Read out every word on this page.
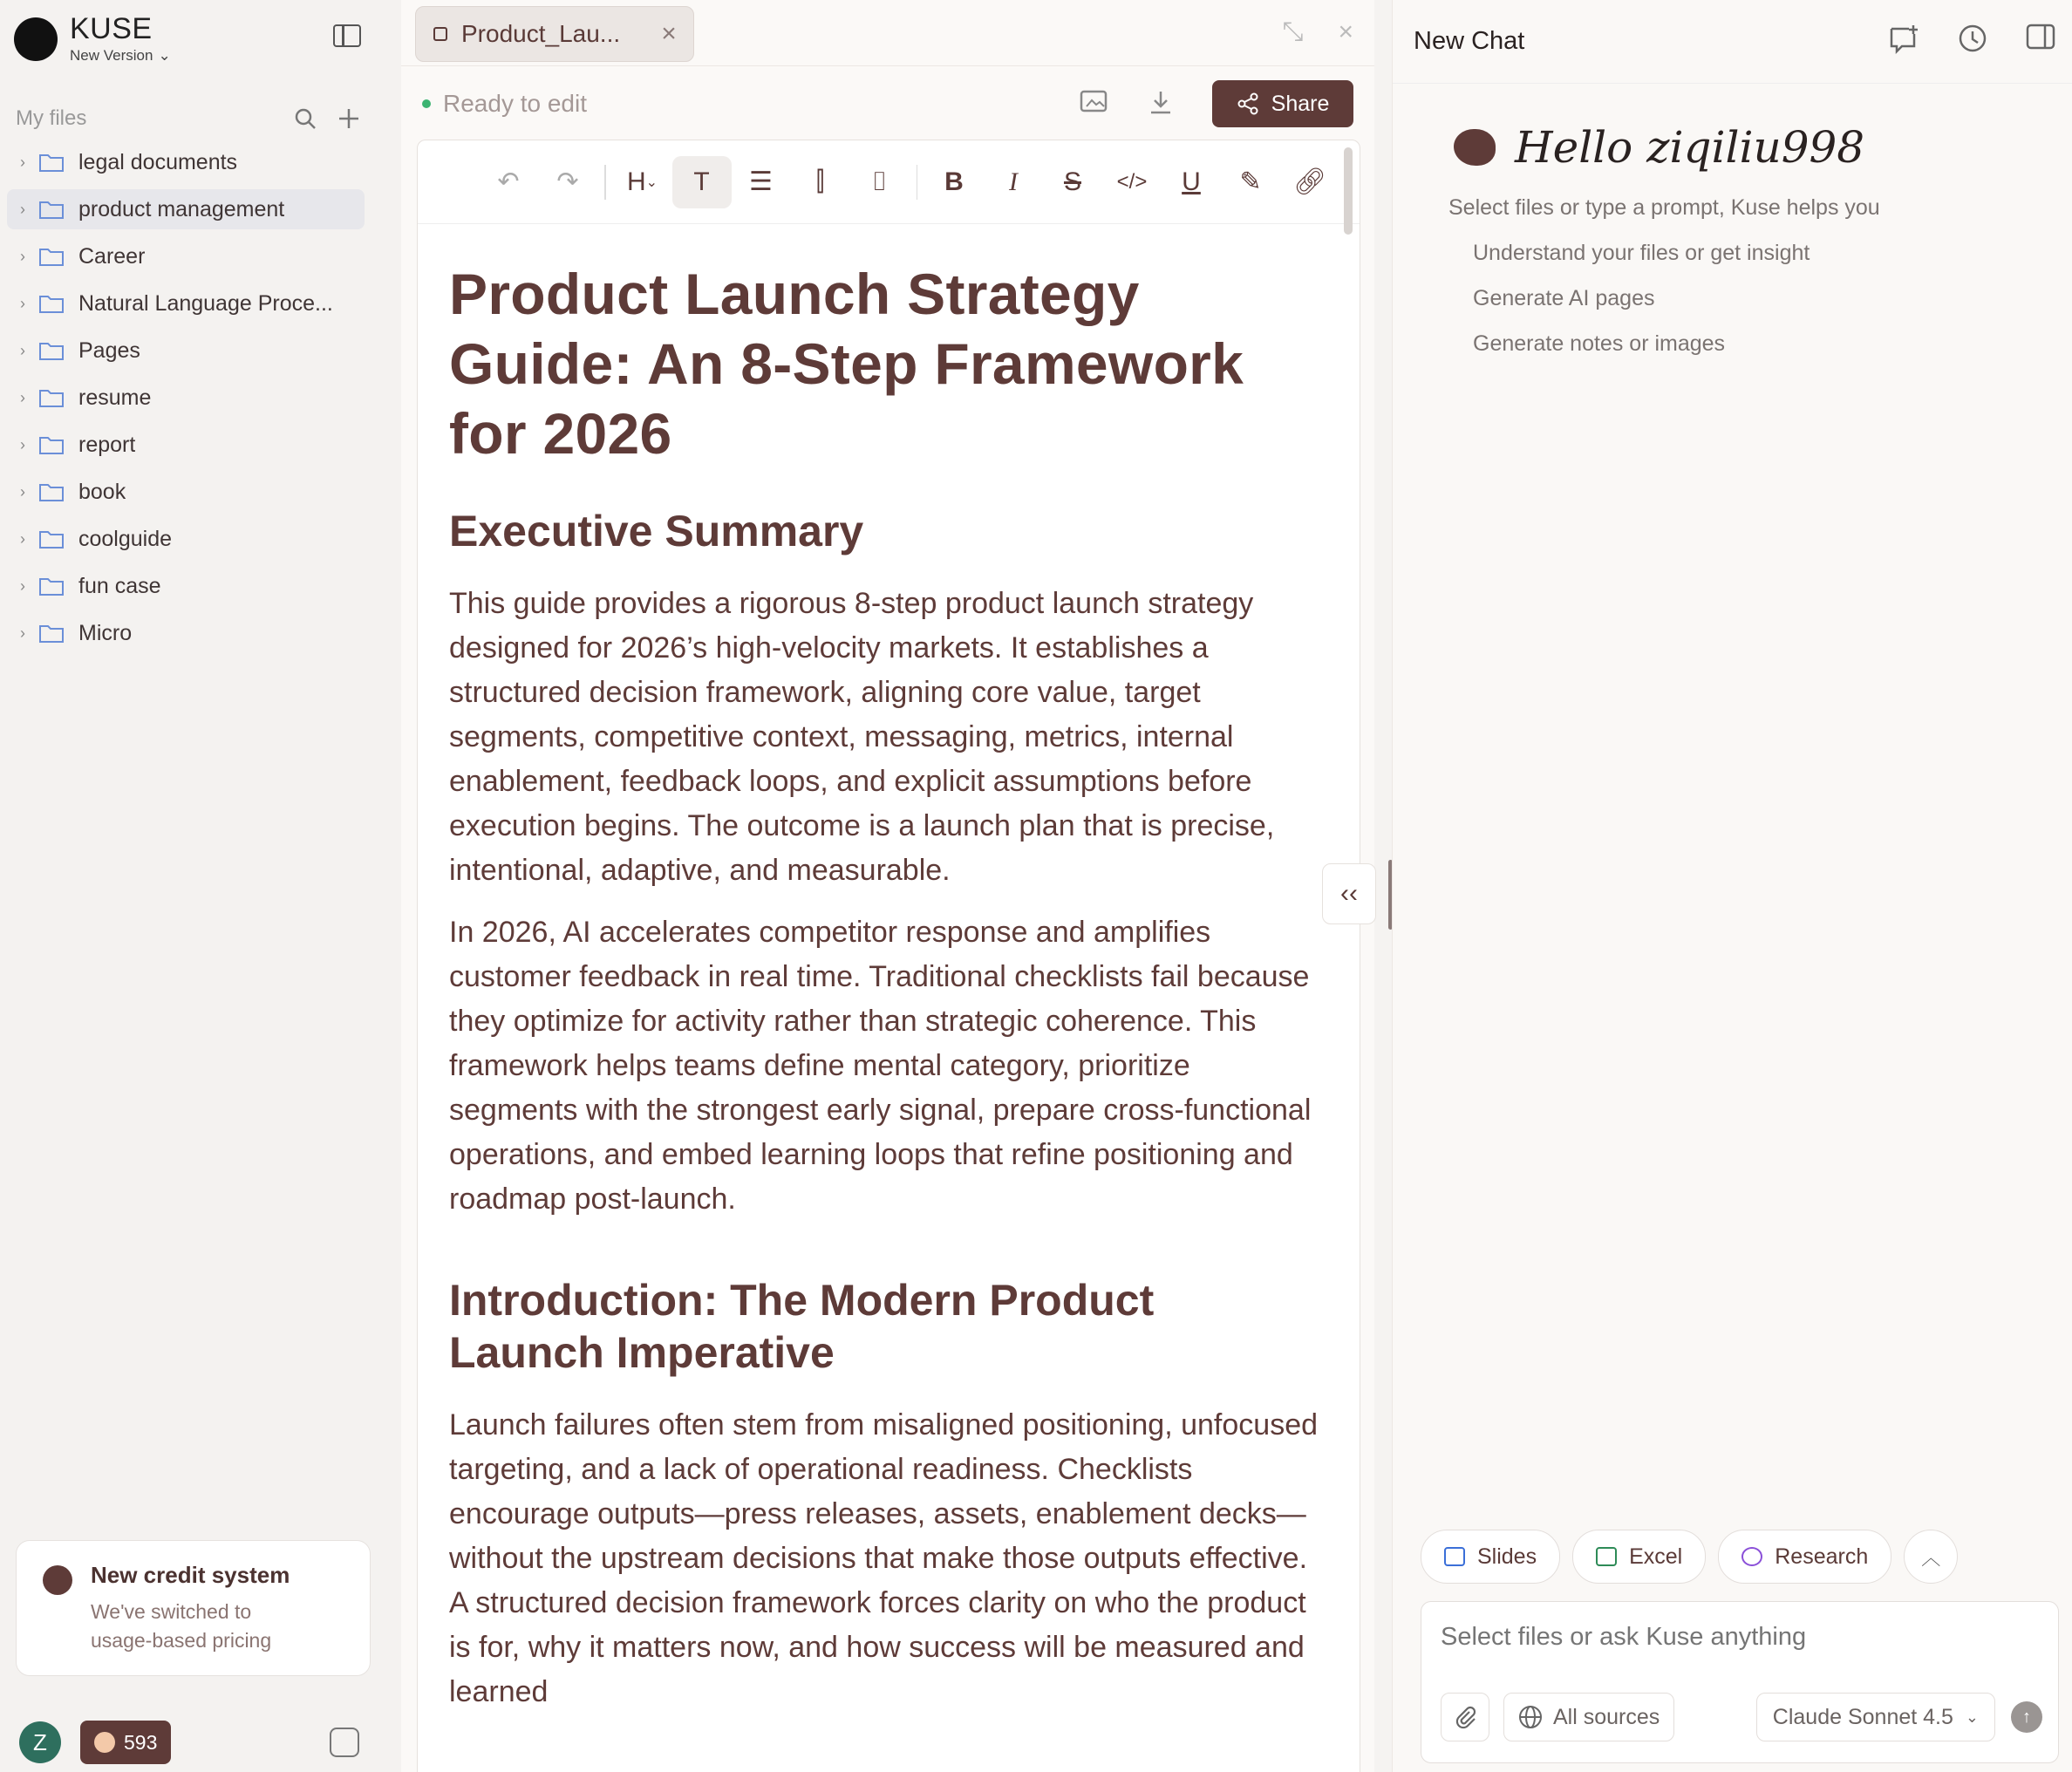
KUSE
New Version ⌄
My files
›	legal documents
›	product management
›	Career
›	Natural Language Proce...
›	Pages
›	resume
›	report
›	book
›	coolguide
›	fun case
›	Micro
New credit system
We've switched to
usage-based pricing
Z	593
Product_Lau...	×	⤡ ×
Ready to edit	Share
↶	↷	H ⌄	T	☰	⫿	⌷	B	I	S	</>	U	✎	🔗︎
Product Launch Strategy Guide: An 8-Step Framework for 2026
Executive Summary

This guide provides a rigorous 8-step product launch strategy designed for 2026’s high-velocity markets. It establishes a structured decision framework, aligning core value, target segments, competitive context, messaging, metrics, internal enablement, feedback loops, and explicit assumptions before execution begins. The outcome is a launch plan that is precise, intentional, adaptive, and measurable.

In 2026, AI accelerates competitor response and amplifies customer feedback in real time. Traditional checklists fail because they optimize for activity rather than strategic coherence. This framework helps teams define mental category, prioritize segments with the strongest early signal, prepare cross-functional operations, and embed learning loops that refine positioning and roadmap post-launch.

Introduction: The Modern Product Launch Imperative

Launch failures often stem from misaligned positioning, unfocused targeting, and a lack of operational readiness. Checklists encourage outputs—press releases, assets, enablement decks—without the upstream decisions that make those outputs effective. A structured decision framework forces clarity on who the product is for, why it matters now, and how success will be measured and learned

‹‹
New Chat
Hello ziqiliu998
Select files or type a prompt, Kuse helps you
Understand your files or get insight
Generate AI pages
Generate notes or images
Slides	Excel	Research	︿
Select files or ask Kuse anything
All sources	Claude Sonnet 4.5 ⌄	↑
